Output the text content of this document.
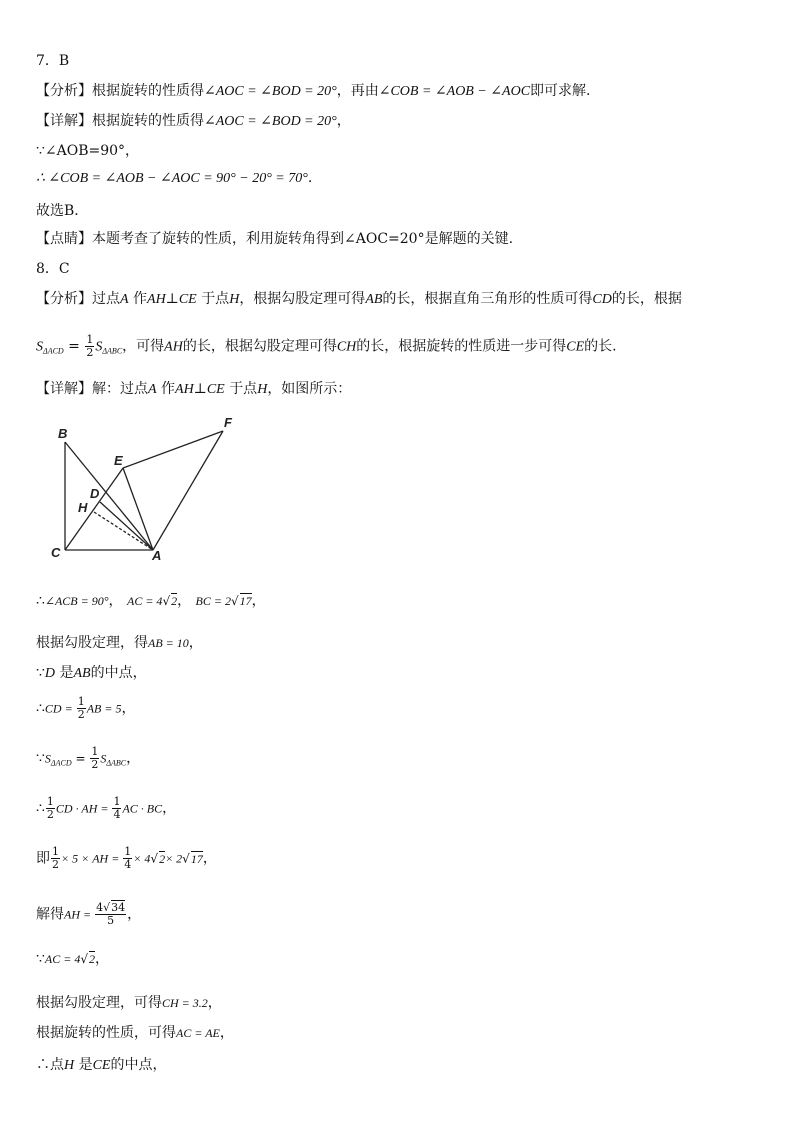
7．B
【分析】根据旋转的性质得∠AOC = ∠BOD = 20°，再由∠COB = ∠AOB − ∠AOC即可求解.
【详解】根据旋转的性质得∠AOC = ∠BOD = 20°，
∵∠AOB=90°，
∴ ∠COB = ∠AOB − ∠AOC = 90° − 20° = 70°.
故选B．
【点睛】本题考查了旋转的性质，利用旋转角得到∠AOC=20°是解题的关键.
8．C
【分析】过点A 作AH⊥CE 于点H，根据勾股定理可得AB的长，根据直角三角形的性质可得CD的长，根据
$S_{\Delta ACD} = \frac{1}{2} S_{\Delta ABC}$，可得AH的长，根据勾股定理可得CH的长，根据旋转的性质进一步可得CE的长.
【详解】解：过点A 作AH⊥CE 于点H，如图所示：
B
E
F
D
H
C	A
∴∠ACB = 90°， AC = 4√2， BC = 2√17，
根据勾股定理，得AB = 10，
∵D 是AB的中点，
∴CD = $\frac{1}{2}$ AB = 5，
$\because S_{\Delta ACD} = \frac{1}{2} S_{\Delta ABC}$，
∴ $\frac{1}{2}$ CD · AH = $\frac{1}{4}$ AC · BC，
即 $\frac{1}{2} \times 5$ × AH = $\frac{1}{4} \times 4√2\times 2√17$，
解得AH = $\frac{4√34}{5}$ ，
∵AC = 4√2，
根据勾股定理，可得CH = 3.2，
根据旋转的性质，可得AC = AE，
∴点H 是CE的中点，
